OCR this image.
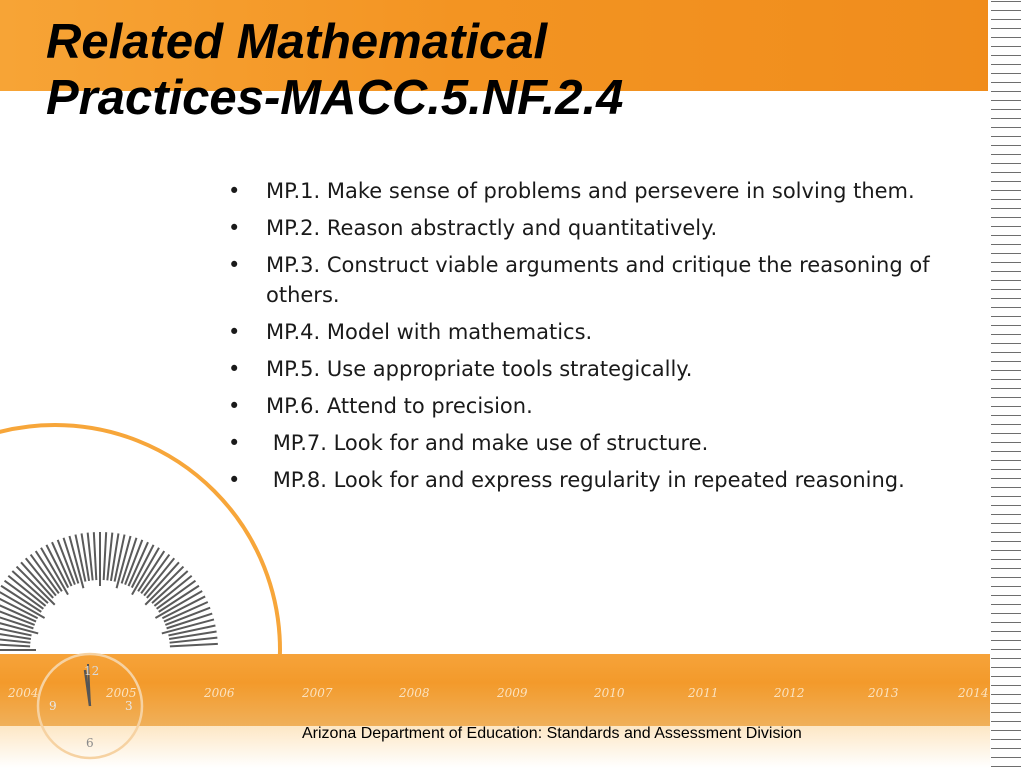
Related Mathematical
Practices-MACC.5.NF.2.4
•	MP.1. Make sense of problems and persevere in solving them.
•	MP.2. Reason abstractly and quantitatively.
•	MP.3. Construct viable arguments and critique the reasoning of others.
•	MP.4. Model with mathematics.
•	MP.5. Use appropriate tools strategically.
•	MP.6. Attend to precision.
•	MP.7. Look for and make use of structure.
•	MP.8. Look for and express regularity in repeated reasoning.
2004	2005	2006	2007	2008	2009	2010	2011	2012	2013	2014
12
3
6
9
Arizona Department of Education: Standards and Assessment Division
